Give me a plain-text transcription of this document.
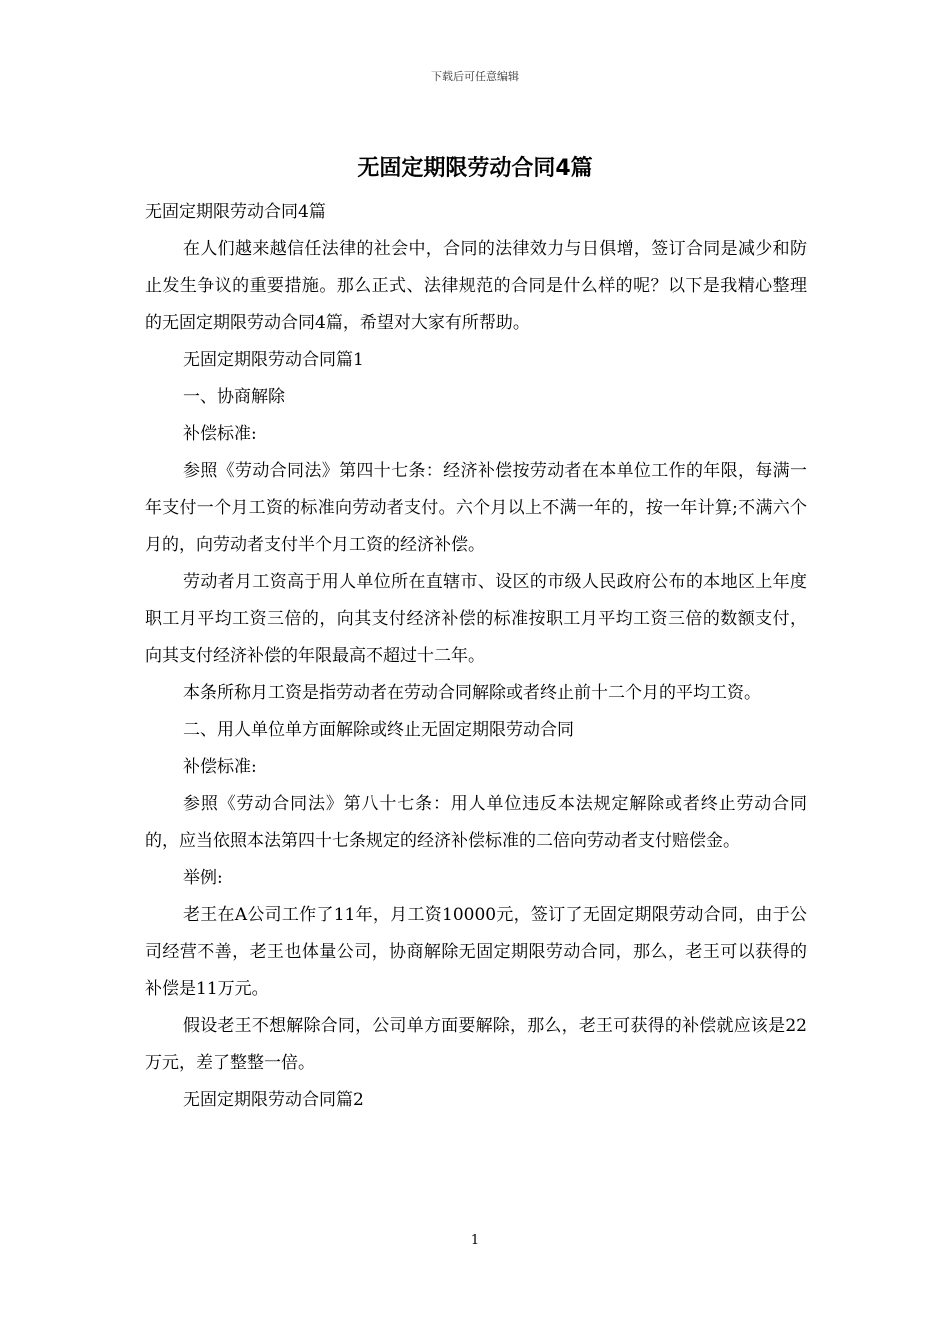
下载后可任意编辑
无固定期限劳动合同4篇

无固定期限劳动合同4篇

在人们越来越信任法律的社会中，合同的法律效力与日俱增，签订合同是减少和防止发生争议的重要措施。那么正式、法律规范的合同是什么样的呢？以下是我精心整理的无固定期限劳动合同4篇，希望对大家有所帮助。

无固定期限劳动合同篇1

一、协商解除

补偿标准:

参照《劳动合同法》第四十七条：经济补偿按劳动者在本单位工作的年限，每满一年支付一个月工资的标准向劳动者支付。六个月以上不满一年的，按一年计算;不满六个月的，向劳动者支付半个月工资的经济补偿。

劳动者月工资高于用人单位所在直辖市、设区的市级人民政府公布的本地区上年度职工月平均工资三倍的，向其支付经济补偿的标准按职工月平均工资三倍的数额支付，向其支付经济补偿的年限最高不超过十二年。

本条所称月工资是指劳动者在劳动合同解除或者终止前十二个月的平均工资。

二、用人单位单方面解除或终止无固定期限劳动合同

补偿标准:

参照《劳动合同法》第八十七条：用人单位违反本法规定解除或者终止劳动合同的，应当依照本法第四十七条规定的经济补偿标准的二倍向劳动者支付赔偿金。

举例:

老王在A公司工作了11年，月工资10000元，签订了无固定期限劳动合同，由于公司经营不善，老王也体量公司，协商解除无固定期限劳动合同，那么，老王可以获得的补偿是11万元。

假设老王不想解除合同，公司单方面要解除，那么，老王可获得的补偿就应该是22万元，差了整整一倍。

无固定期限劳动合同篇2

1
